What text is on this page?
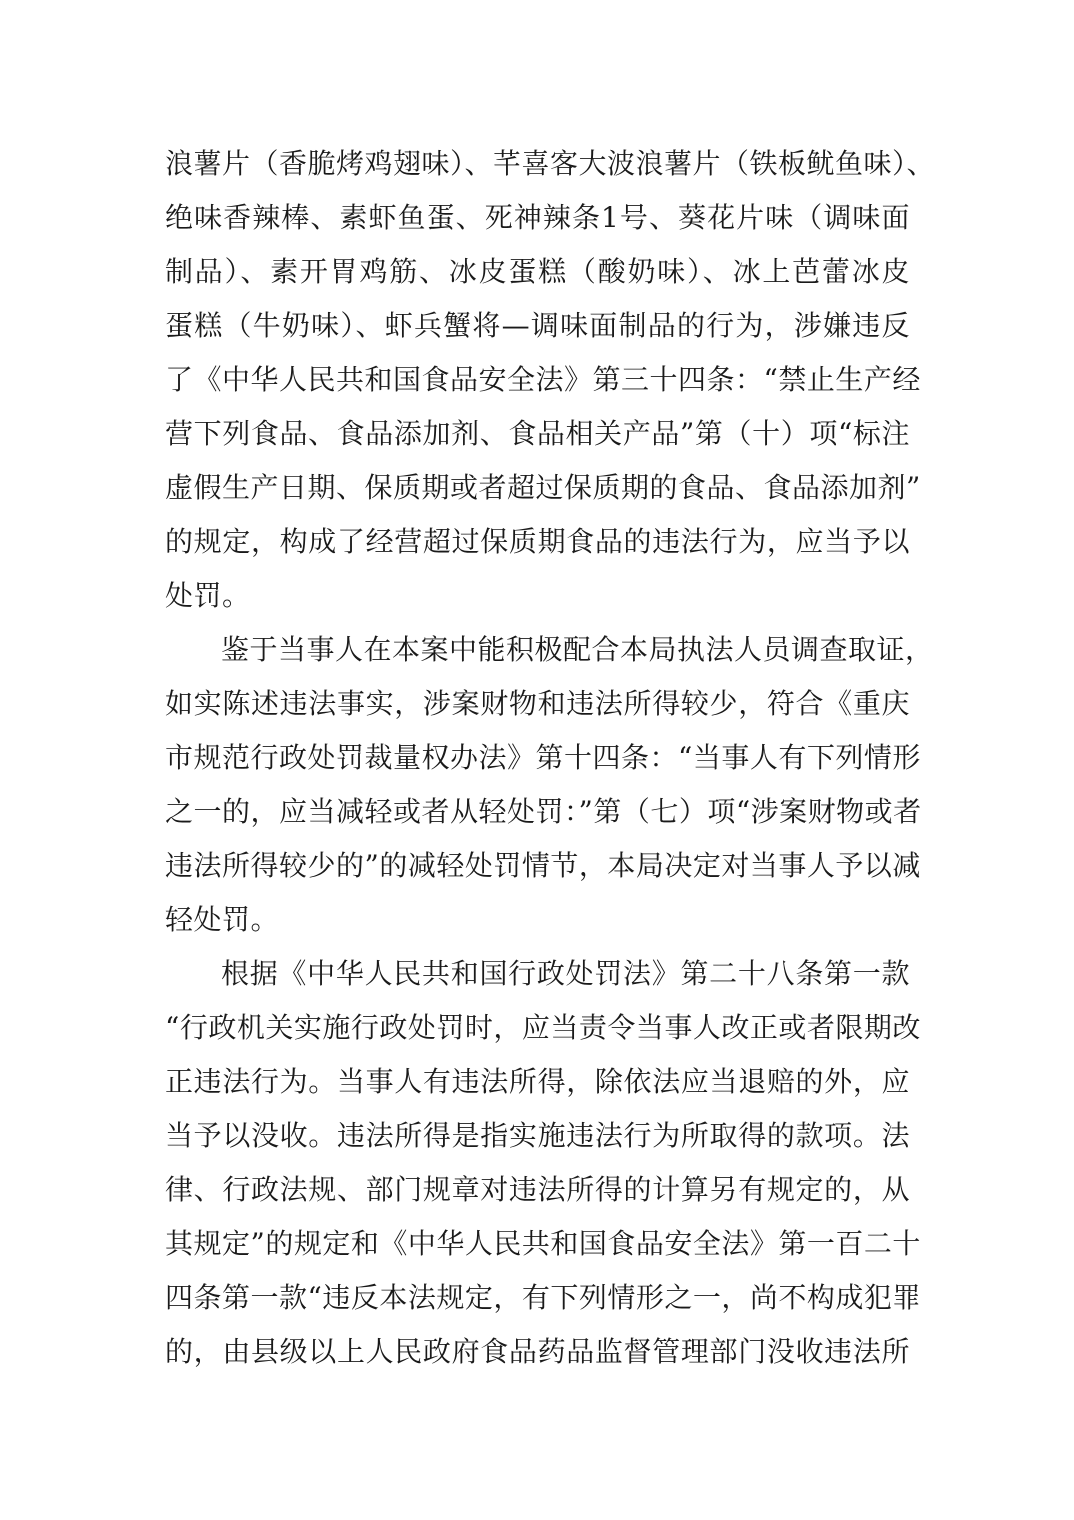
浪薯片（香脆烤鸡翅味）、芊喜客大波浪薯片（铁板鱿鱼味）、
绝味香辣棒、素虾鱼蛋、死神辣条1号、葵花片味（调味面
制品）、素开胃鸡筋、冰皮蛋糕（酸奶味）、冰上芭蕾冰皮
蛋糕（牛奶味）、虾兵蟹将—调味面制品的行为，涉嫌违反
了《中华人民共和国食品安全法》第三十四条：“禁止生产经
营下列食品、食品添加剂、食品相关产品”第（十）项“标注
虚假生产日期、保质期或者超过保质期的食品、食品添加剂”
的规定，构成了经营超过保质期食品的违法行为，应当予以
处罚。
鉴于当事人在本案中能积极配合本局执法人员调查取证，
如实陈述违法事实，涉案财物和违法所得较少，符合《重庆
市规范行政处罚裁量权办法》第十四条：“当事人有下列情形
之一的，应当减轻或者从轻处罚：”第（七）项“涉案财物或者
违法所得较少的”的减轻处罚情节，本局决定对当事人予以减
轻处罚。
根据《中华人民共和国行政处罚法》第二十八条第一款
“行政机关实施行政处罚时，应当责令当事人改正或者限期改
正违法行为。当事人有违法所得，除依法应当退赔的外，应
当予以没收。违法所得是指实施违法行为所取得的款项。法
律、行政法规、部门规章对违法所得的计算另有规定的，从
其规定”的规定和《中华人民共和国食品安全法》第一百二十
四条第一款“违反本法规定，有下列情形之一，尚不构成犯罪
的，由县级以上人民政府食品药品监督管理部门没收违法所
